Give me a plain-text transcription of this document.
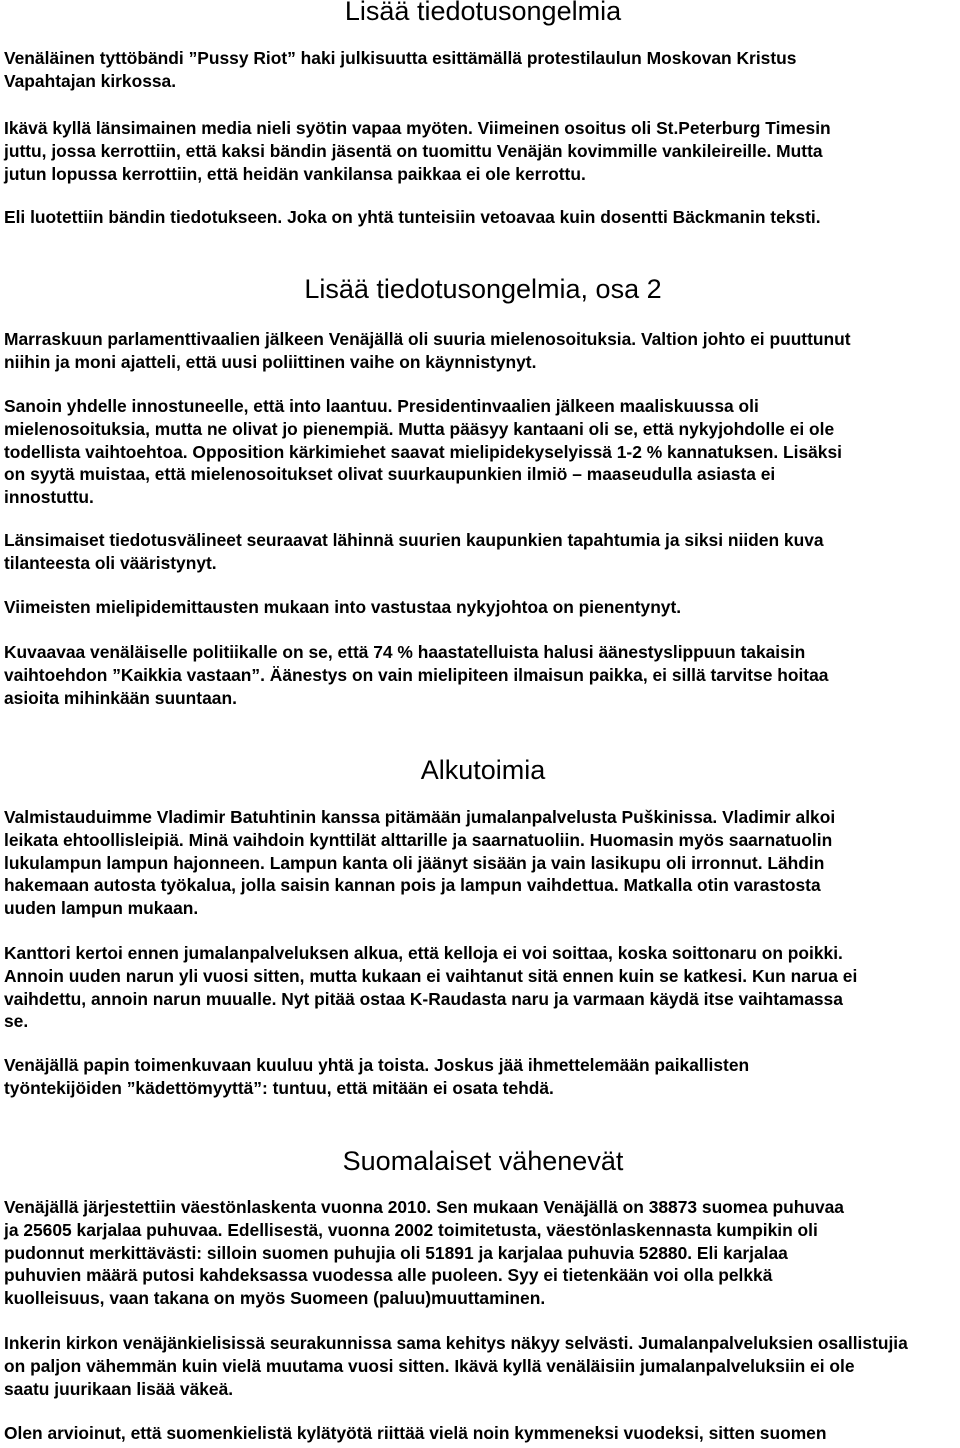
Lisää tiedotusongelmia

Venäläinen tyttöbändi ”Pussy Riot” haki julkisuutta esittämällä protestilaulun Moskovan Kristus
Vapahtajan kirkossa.

Ikävä kyllä länsimainen media nieli syötin vapaa myöten. Viimeinen osoitus oli St.Peterburg Timesin
juttu, jossa kerrottiin, että kaksi bändin jäsentä on tuomittu Venäjän kovimmille vankileireille. Mutta
jutun lopussa kerrottiin, että heidän vankilansa paikkaa ei ole kerrottu.

Eli luotettiin bändin tiedotukseen. Joka on yhtä tunteisiin vetoavaa kuin dosentti Bäckmanin teksti.

Lisää tiedotusongelmia, osa 2

Marraskuun parlamenttivaalien jälkeen Venäjällä oli suuria mielenosoituksia. Valtion johto ei puuttunut
niihin ja moni ajatteli, että uusi poliittinen vaihe on käynnistynyt.

Sanoin yhdelle innostuneelle, että into laantuu. Presidentinvaalien jälkeen maaliskuussa oli
mielenosoituksia, mutta ne olivat jo pienempiä. Mutta pääsyy kantaani oli se, että nykyjohdolle ei ole
todellista vaihtoehtoa. Opposition kärkimiehet saavat mielipidekyselyissä 1-2 % kannatuksen. Lisäksi
on syytä muistaa, että mielenosoitukset olivat suurkaupunkien ilmiö – maaseudulla asiasta ei
innostuttu.

Länsimaiset tiedotusvälineet seuraavat lähinnä suurien kaupunkien tapahtumia ja siksi niiden kuva
tilanteesta oli vääristynyt.

Viimeisten mielipidemittausten mukaan into vastustaa nykyjohtoa on pienentynyt.

Kuvaavaa venäläiselle politiikalle on se, että 74 % haastatelluista halusi äänestyslippuun takaisin
vaihtoehdon ”Kaikkia vastaan”. Äänestys on vain mielipiteen ilmaisun paikka, ei sillä tarvitse hoitaa
asioita mihinkään suuntaan.

Alkutoimia

Valmistauduimme Vladimir Batuhtinin kanssa pitämään jumalanpalvelusta Puškinissa. Vladimir alkoi
leikata ehtoollisleipiä. Minä vaihdoin kynttilät alttarille ja saarnatuoliin. Huomasin myös saarnatuolin
lukulampun lampun hajonneen. Lampun kanta oli jäänyt sisään ja vain lasikupu oli irronnut. Lähdin
hakemaan autosta työkalua, jolla saisin kannan pois ja lampun vaihdettua. Matkalla otin varastosta
uuden lampun mukaan.

Kanttori kertoi ennen jumalanpalveluksen alkua, että kelloja ei voi soittaa, koska soittonaru on poikki.
Annoin uuden narun yli vuosi sitten, mutta kukaan ei vaihtanut sitä ennen kuin se katkesi. Kun narua ei
vaihdettu, annoin narun muualle. Nyt pitää ostaa K-Raudasta naru ja varmaan käydä itse vaihtamassa
se.

Venäjällä papin toimenkuvaan kuuluu yhtä ja toista. Joskus jää ihmettelemään paikallisten
työntekijöiden ”kädettömyyttä”: tuntuu, että mitään ei osata tehdä.

Suomalaiset vähenevät

Venäjällä järjestettiin väestönlaskenta vuonna 2010. Sen mukaan Venäjällä on 38873 suomea puhuvaa
ja 25605 karjalaa puhuvaa. Edellisestä, vuonna 2002 toimitetusta, väestönlaskennasta kumpikin oli
pudonnut merkittävästi: silloin suomen puhujia oli 51891 ja karjalaa puhuvia 52880. Eli karjalaa
puhuvien määrä putosi kahdeksassa vuodessa alle puoleen. Syy ei tietenkään voi olla pelkkä
kuolleisuus, vaan takana on myös Suomeen (paluu)muuttaminen.

Inkerin kirkon venäjänkielisissä seurakunnissa sama kehitys näkyy selvästi. Jumalanpalveluksien osallistujia
on paljon vähemmän kuin vielä muutama vuosi sitten. Ikävä kyllä venäläisiin jumalanpalveluksiin ei ole
saatu juurikaan lisää väkeä.

Olen arvioinut, että suomenkielistä kylätyötä riittää vielä noin kymmeneksi vuodeksi, sitten suomen
